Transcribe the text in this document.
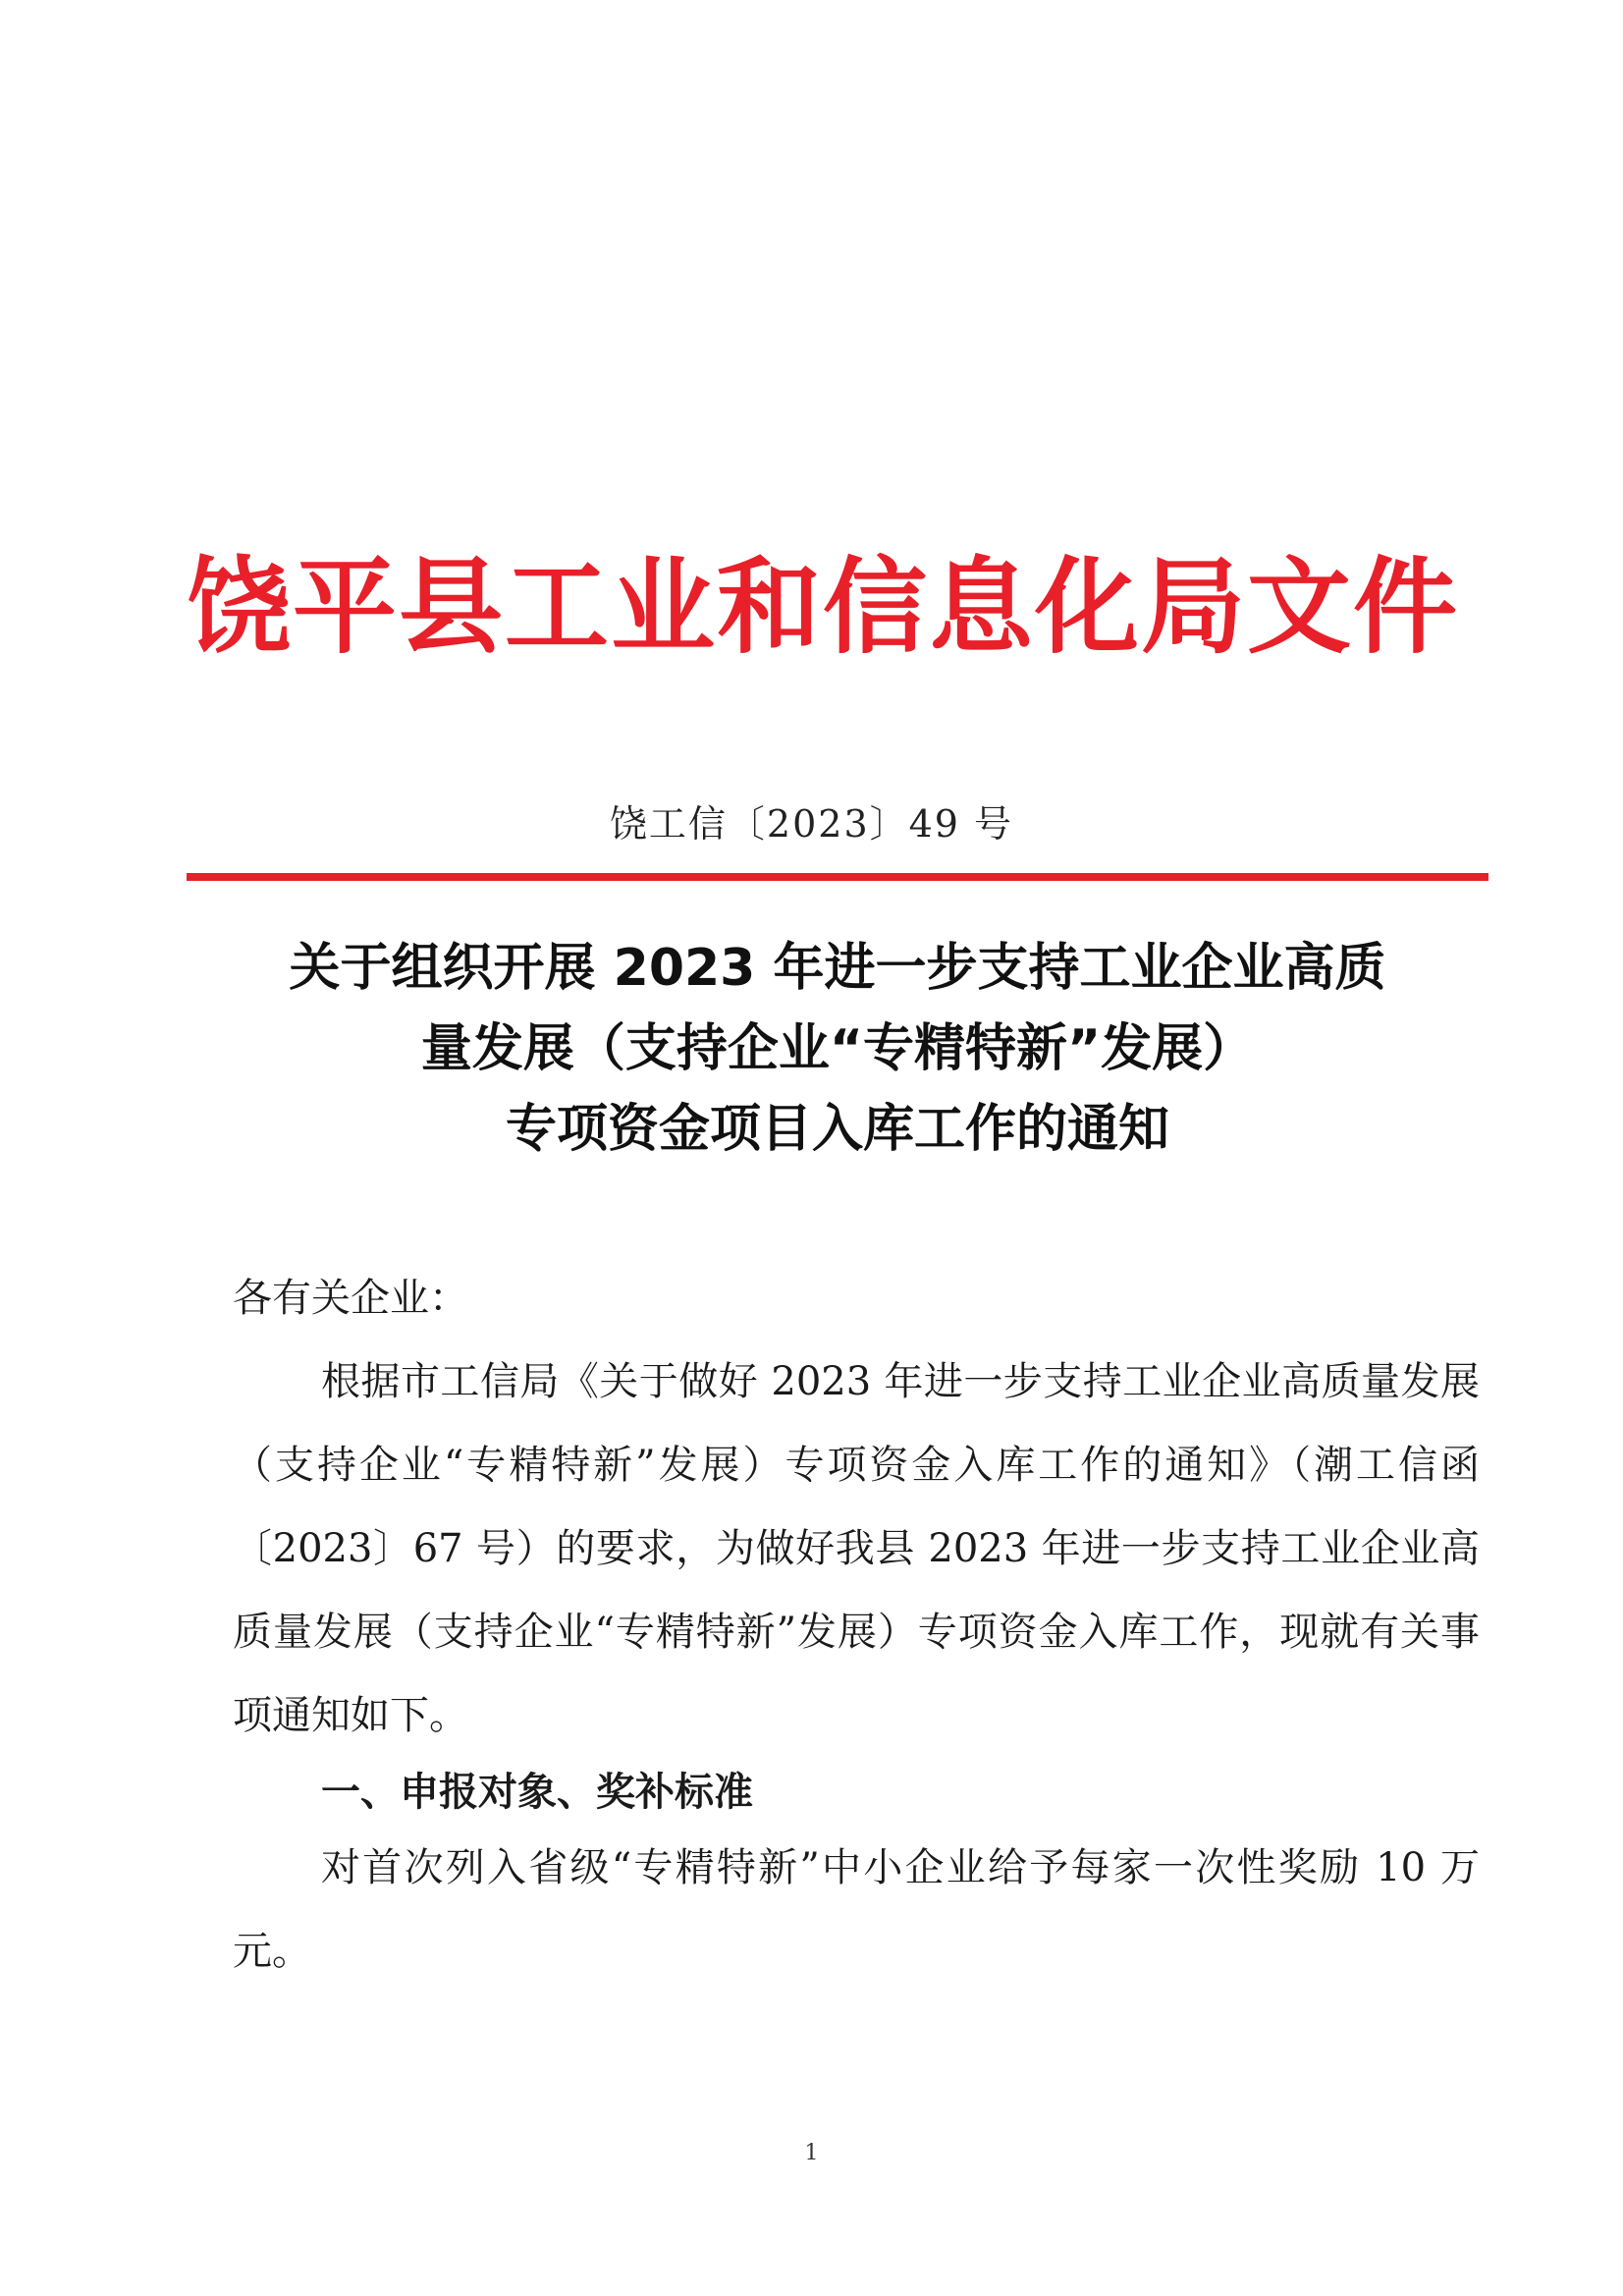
饶平县工业和信息化局文件
饶工信〔2023〕49 号
关于组织开展 2023 年进一步支持工业企业高质
量发展（支持企业“专精特新”发展）
专项资金项目入库工作的通知
各有关企业：
根据市工信局《关于做好 2023 年进一步支持工业企业高质量发展（支持企业“专精特新”发展）专项资金入库工作的通知》（潮工信函〔2023〕67 号）的要求，为做好我县 2023 年进一步支持工业企业高质量发展（支持企业“专精特新”发展）专项资金入库工作，现就有关事项通知如下。
一、申报对象、奖补标准
对首次列入省级“专精特新”中小企业给予每家一次性奖励 10 万元。
1
